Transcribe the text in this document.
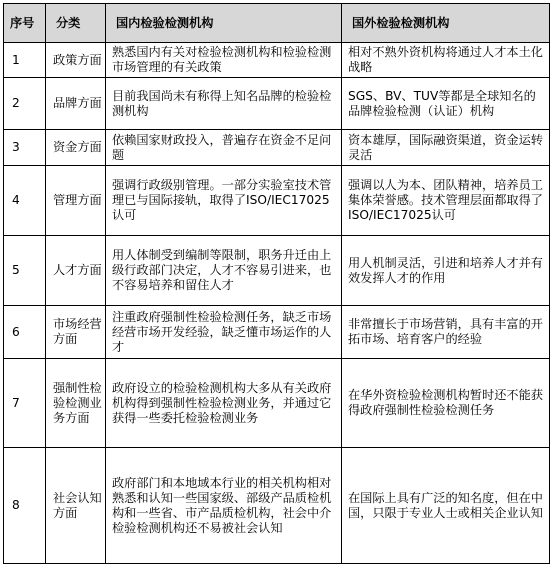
序号	分类	国内检验检测机构	国外检验检测机构
1	政策方面	熟悉国内有关对检验检测机构和检验检测市场管理的有关政策	相对不熟外资机构将通过人才本土化战略
2	品牌方面	目前我国尚未有称得上知名品牌的检验检测机构	SGS、BV、TUV等都是全球知名的品牌检验检测（认证）机构
3	资金方面	依赖国家财政投入，普遍存在资金不足问题	资本雄厚，国际融资渠道，资金运转灵活
4	管理方面	强调行政级别管理。一部分实验室技术管理已与国际接轨，取得了ISO/IEC17025认可	强调以人为本、团队精神，培养员工集体荣誉感。技术管理层面都取得了ISO/IEC17025认可
5	人才方面	用人体制受到编制等限制，职务升迁由上级行政部门决定，人才不容易引进来，也不容易培养和留住人才	用人机制灵活，引进和培养人才并有效发挥人才的作用
6	市场经营方面	注重政府强制性检验检测任务，缺乏市场经营市场开发经验，缺乏懂市场运作的人才	非常擅长于市场营销，具有丰富的开拓市场、培育客户的经验
7	强制性检验检测业务方面	政府设立的检验检测机构大多从有关政府机构得到强制性检验检测业务，并通过它获得一些委托检验检测业务	在华外资检验检测机构暂时还不能获得政府强制性检验检测任务
8	社会认知方面	政府部门和本地域本行业的相关机构相对熟悉和认知一些国家级、部级产品质检机构和一些省、市产品质检机构，社会中介检验检测机构还不易被社会认知	在国际上具有广泛的知名度，但在中国，只限于专业人士或相关企业认知
